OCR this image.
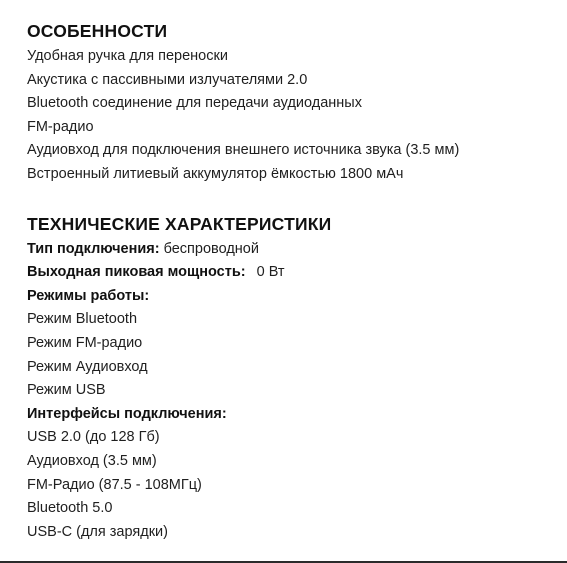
ОСОБЕННОСТИ
Удобная ручка для переноски
Акустика с пассивными излучателями 2.0
Bluetooth соединение для передачи аудиоданных
FM-радио
Аудиовход для подключения внешнего источника звука (3.5 мм)
Встроенный литиевый аккумулятор ёмкостью 1800 мАч
ТЕХНИЧЕСКИЕ ХАРАКТЕРИСТИКИ
Тип подключения: беспроводной
Выходная пиковая мощность: 0 Вт
Режимы работы:
Режим Bluetooth
Режим FM-радио
Режим Аудиовход
Режим USB
Интерфейсы подключения:
USB 2.0 (до 128 Гб)
Аудиовход (3.5 мм)
FM-Радио (87.5 - 108МГц)
Bluetooth 5.0
USB-C (для зарядки)
